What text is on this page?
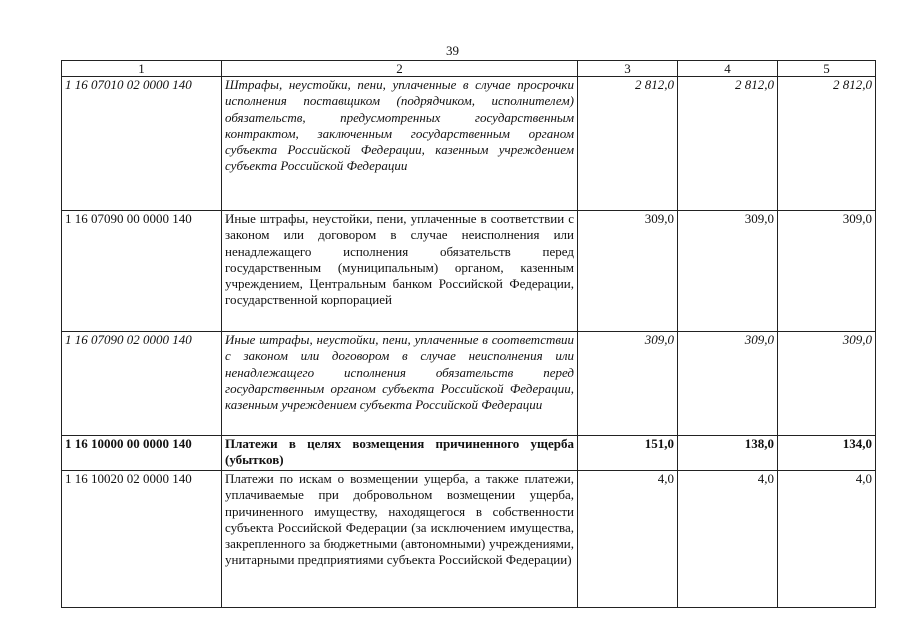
39
1	2	3	4	5
1 16 07010 02 0000 140	Штрафы, неустойки, пени, уплаченные в случае просрочки исполнения поставщиком (подрядчиком, исполнителем) обязательств, предусмотренных государственным контрактом, заключенным государственным органом субъекта Российской Федерации, казенным учреждением субъекта Российской Федерации	2 812,0	2 812,0	2 812,0
1 16 07090 00 0000 140	Иные штрафы, неустойки, пени, уплаченные в соответствии с законом или договором в случае неисполнения или ненадлежащего исполнения обязательств перед государственным (муниципальным) органом, казенным учреждением, Центральным банком Российской Федерации, государственной корпорацией	309,0	309,0	309,0
1 16 07090 02 0000 140	Иные штрафы, неустойки, пени, уплаченные в соответствии с законом или договором в случае неисполнения или ненадлежащего исполнения обязательств перед государственным органом субъекта Российской Федерации, казенным учреждением субъекта Российской Федерации	309,0	309,0	309,0
1 16 10000 00 0000 140	Платежи в целях возмещения причиненного ущерба (убытков)	151,0	138,0	134,0
1 16 10020 02 0000 140	Платежи по искам о возмещении ущерба, а также платежи, уплачиваемые при добровольном возмещении ущерба, причиненного имуществу, находящегося в собственности субъекта Российской Федерации (за исключением имущества, закрепленного за бюджетными (автономными) учреждениями, унитарными предприятиями субъекта Российской Федерации)	4,0	4,0	4,0
